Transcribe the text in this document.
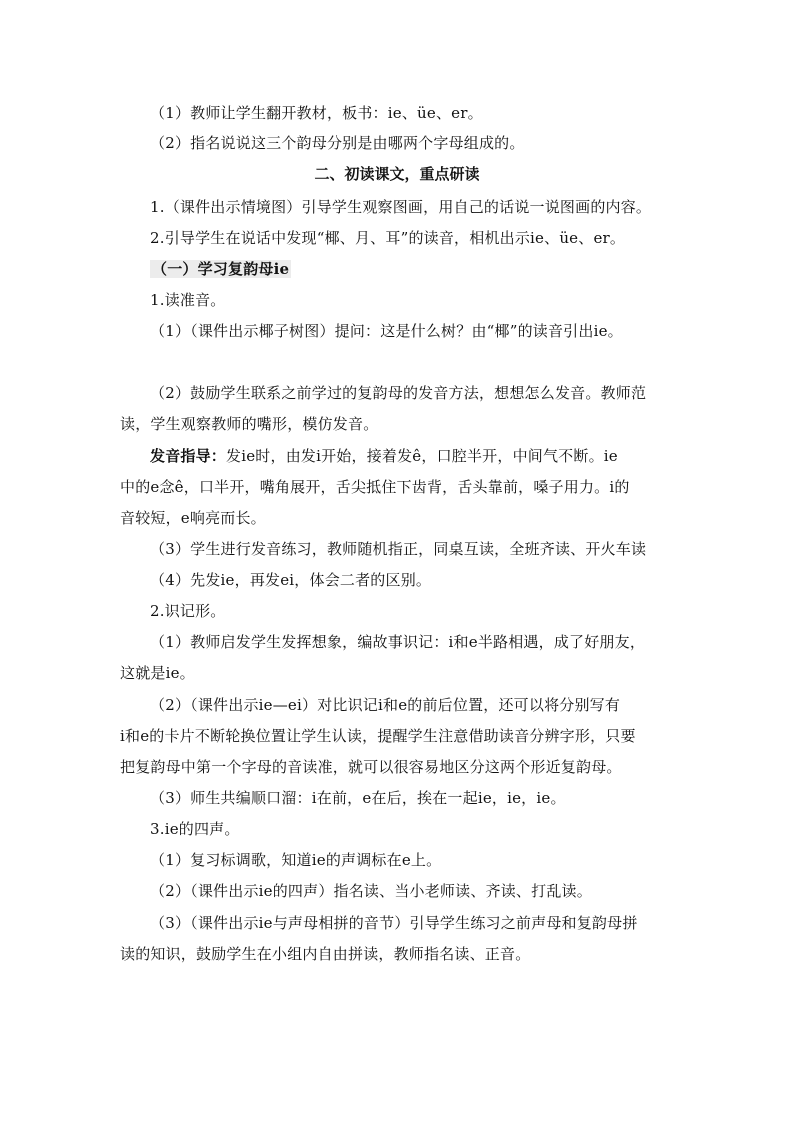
（1）教师让学生翻开教材，板书：ie、üe、er。
（2）指名说说这三个韵母分别是由哪两个字母组成的。
二、初读课文，重点研读
1.（课件出示情境图）引导学生观察图画，用自己的话说一说图画的内容。
2.引导学生在说话中发现“椰、月、耳”的读音，相机出示ie、üe、er。
（一）学习复韵母ie
1.读准音。
（1）（课件出示椰子树图）提问：这是什么树？由“椰”的读音引出ie。
（2）鼓励学生联系之前学过的复韵母的发音方法，想想怎么发音。教师范
读，学生观察教师的嘴形，模仿发音。
发音指导：发ie时，由发i开始，接着发ê，口腔半开，中间气不断。ie
中的e念ê，口半开，嘴角展开，舌尖抵住下齿背，舌头靠前，嗓子用力。i的
音较短，e响亮而长。
（3）学生进行发音练习，教师随机指正，同桌互读，全班齐读、开火车读
（4）先发ie，再发ei，体会二者的区别。
2.识记形。
（1）教师启发学生发挥想象，编故事识记：i和e半路相遇，成了好朋友，
这就是ie。
（2）（课件出示ie—ei）对比识记i和e的前后位置，还可以将分别写有
i和e的卡片不断轮换位置让学生认读，提醒学生注意借助读音分辨字形，只要
把复韵母中第一个字母的音读准，就可以很容易地区分这两个形近复韵母。
（3）师生共编顺口溜：i在前，e在后，挨在一起ie，ie，ie。
3.ie的四声。
（1）复习标调歌，知道ie的声调标在e上。
（2）（课件出示ie的四声）指名读、当小老师读、齐读、打乱读。
（3）（课件出示ie与声母相拼的音节）引导学生练习之前声母和复韵母拼
读的知识，鼓励学生在小组内自由拼读，教师指名读、正音。
